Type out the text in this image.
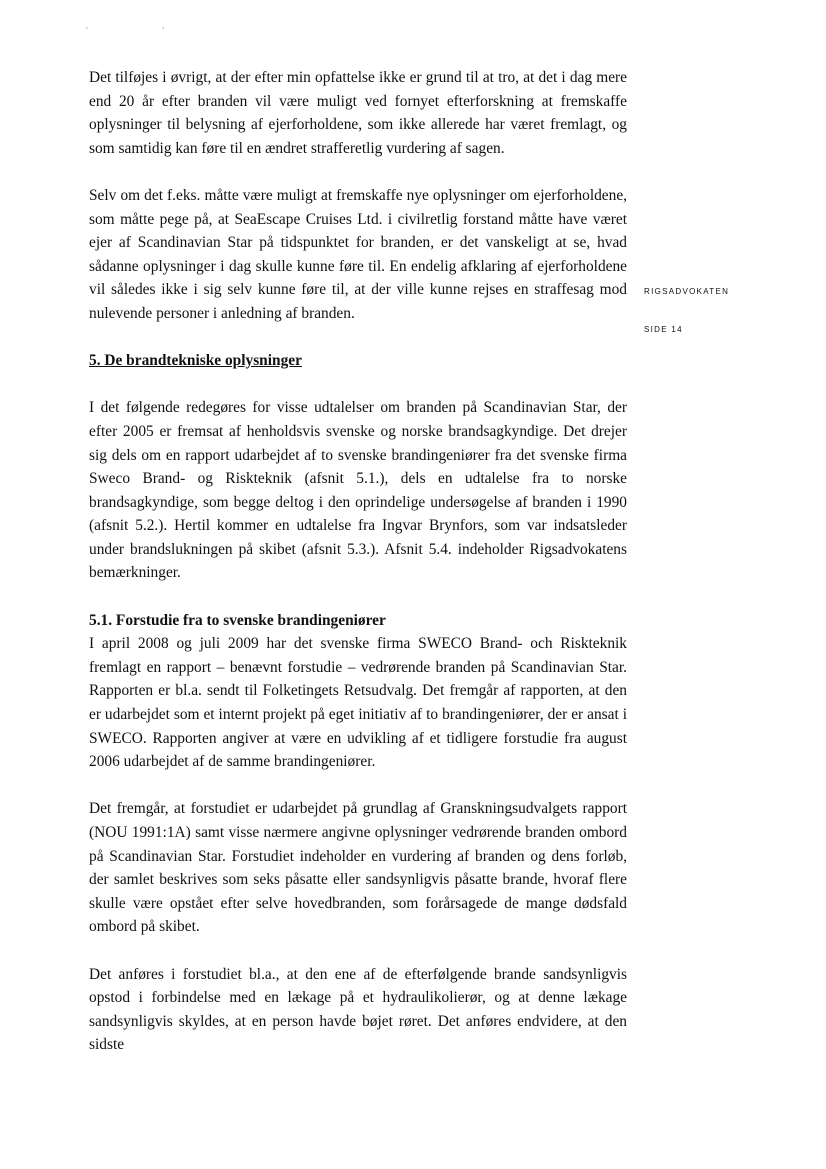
' '

Det tilføjes i øvrigt, at der efter min opfattelse ikke er grund til at tro, at det i dag mere end 20 år efter branden vil være muligt ved fornyet efterforskning at fremskaffe oplysninger til belysning af ejerforholdene, som ikke allerede har været fremlagt, og som samtidig kan føre til en ændret strafferetlig vurdering af sagen.

Selv om det f.eks. måtte være muligt at fremskaffe nye oplysninger om ejerforholdene, som måtte pege på, at SeaEscape Cruises Ltd. i civilretlig forstand måtte have været ejer af Scandinavian Star på tidspunktet for branden, er det vanskeligt at se, hvad sådanne oplysninger i dag skulle kunne føre til. En endelig afklaring af ejerforholdene vil således ikke i sig selv kunne føre til, at der ville kunne rejses en straffesag mod nulevende personer i anledning af branden.

5. De brandtekniske oplysninger

I det følgende redegøres for visse udtalelser om branden på Scandinavian Star, der efter 2005 er fremsat af henholdsvis svenske og norske brandsagkyndige. Det drejer sig dels om en rapport udarbejdet af to svenske brandingeniører fra det svenske firma Sweco Brand- og Riskteknik (afsnit 5.1.), dels en udtalelse fra to norske brandsagkyndige, som begge deltog i den oprindelige undersøgelse af branden i 1990 (afsnit 5.2.). Hertil kommer en udtalelse fra Ingvar Brynfors, som var indsatsleder under brandslukningen på skibet (afsnit 5.3.). Afsnit 5.4. indeholder Rigsadvokatens bemærkninger.

5.1. Forstudie fra to svenske brandingeniører

I april 2008 og juli 2009 har det svenske firma SWECO Brand- och Riskteknik fremlagt en rapport – benævnt forstudie – vedrørende branden på Scandinavian Star. Rapporten er bl.a. sendt til Folketingets Retsudvalg. Det fremgår af rapporten, at den er udarbejdet som et internt projekt på eget initiativ af to brandingeniører, der er ansat i SWECO. Rapporten angiver at være en udvikling af et tidligere forstudie fra august 2006 udarbejdet af de samme brandingeniører.

Det fremgår, at forstudiet er udarbejdet på grundlag af Granskningsudvalgets rapport (NOU 1991:1A) samt visse nærmere angivne oplysninger vedrørende branden ombord på Scandinavian Star. Forstudiet indeholder en vurdering af branden og dens forløb, der samlet beskrives som seks påsatte eller sandsynligvis påsatte brande, hvoraf flere skulle være opstået efter selve hovedbranden, som forårsagede de mange dødsfald ombord på skibet.

Det anføres i forstudiet bl.a., at den ene af de efterfølgende brande sandsynligvis opstod i forbindelse med en lækage på et hydraulikolierør, og at denne lækage sandsynligvis skyldes, at en person havde bøjet røret. Det anføres endvidere, at den sidste

RIGSADVOKATEN
SIDE 14
